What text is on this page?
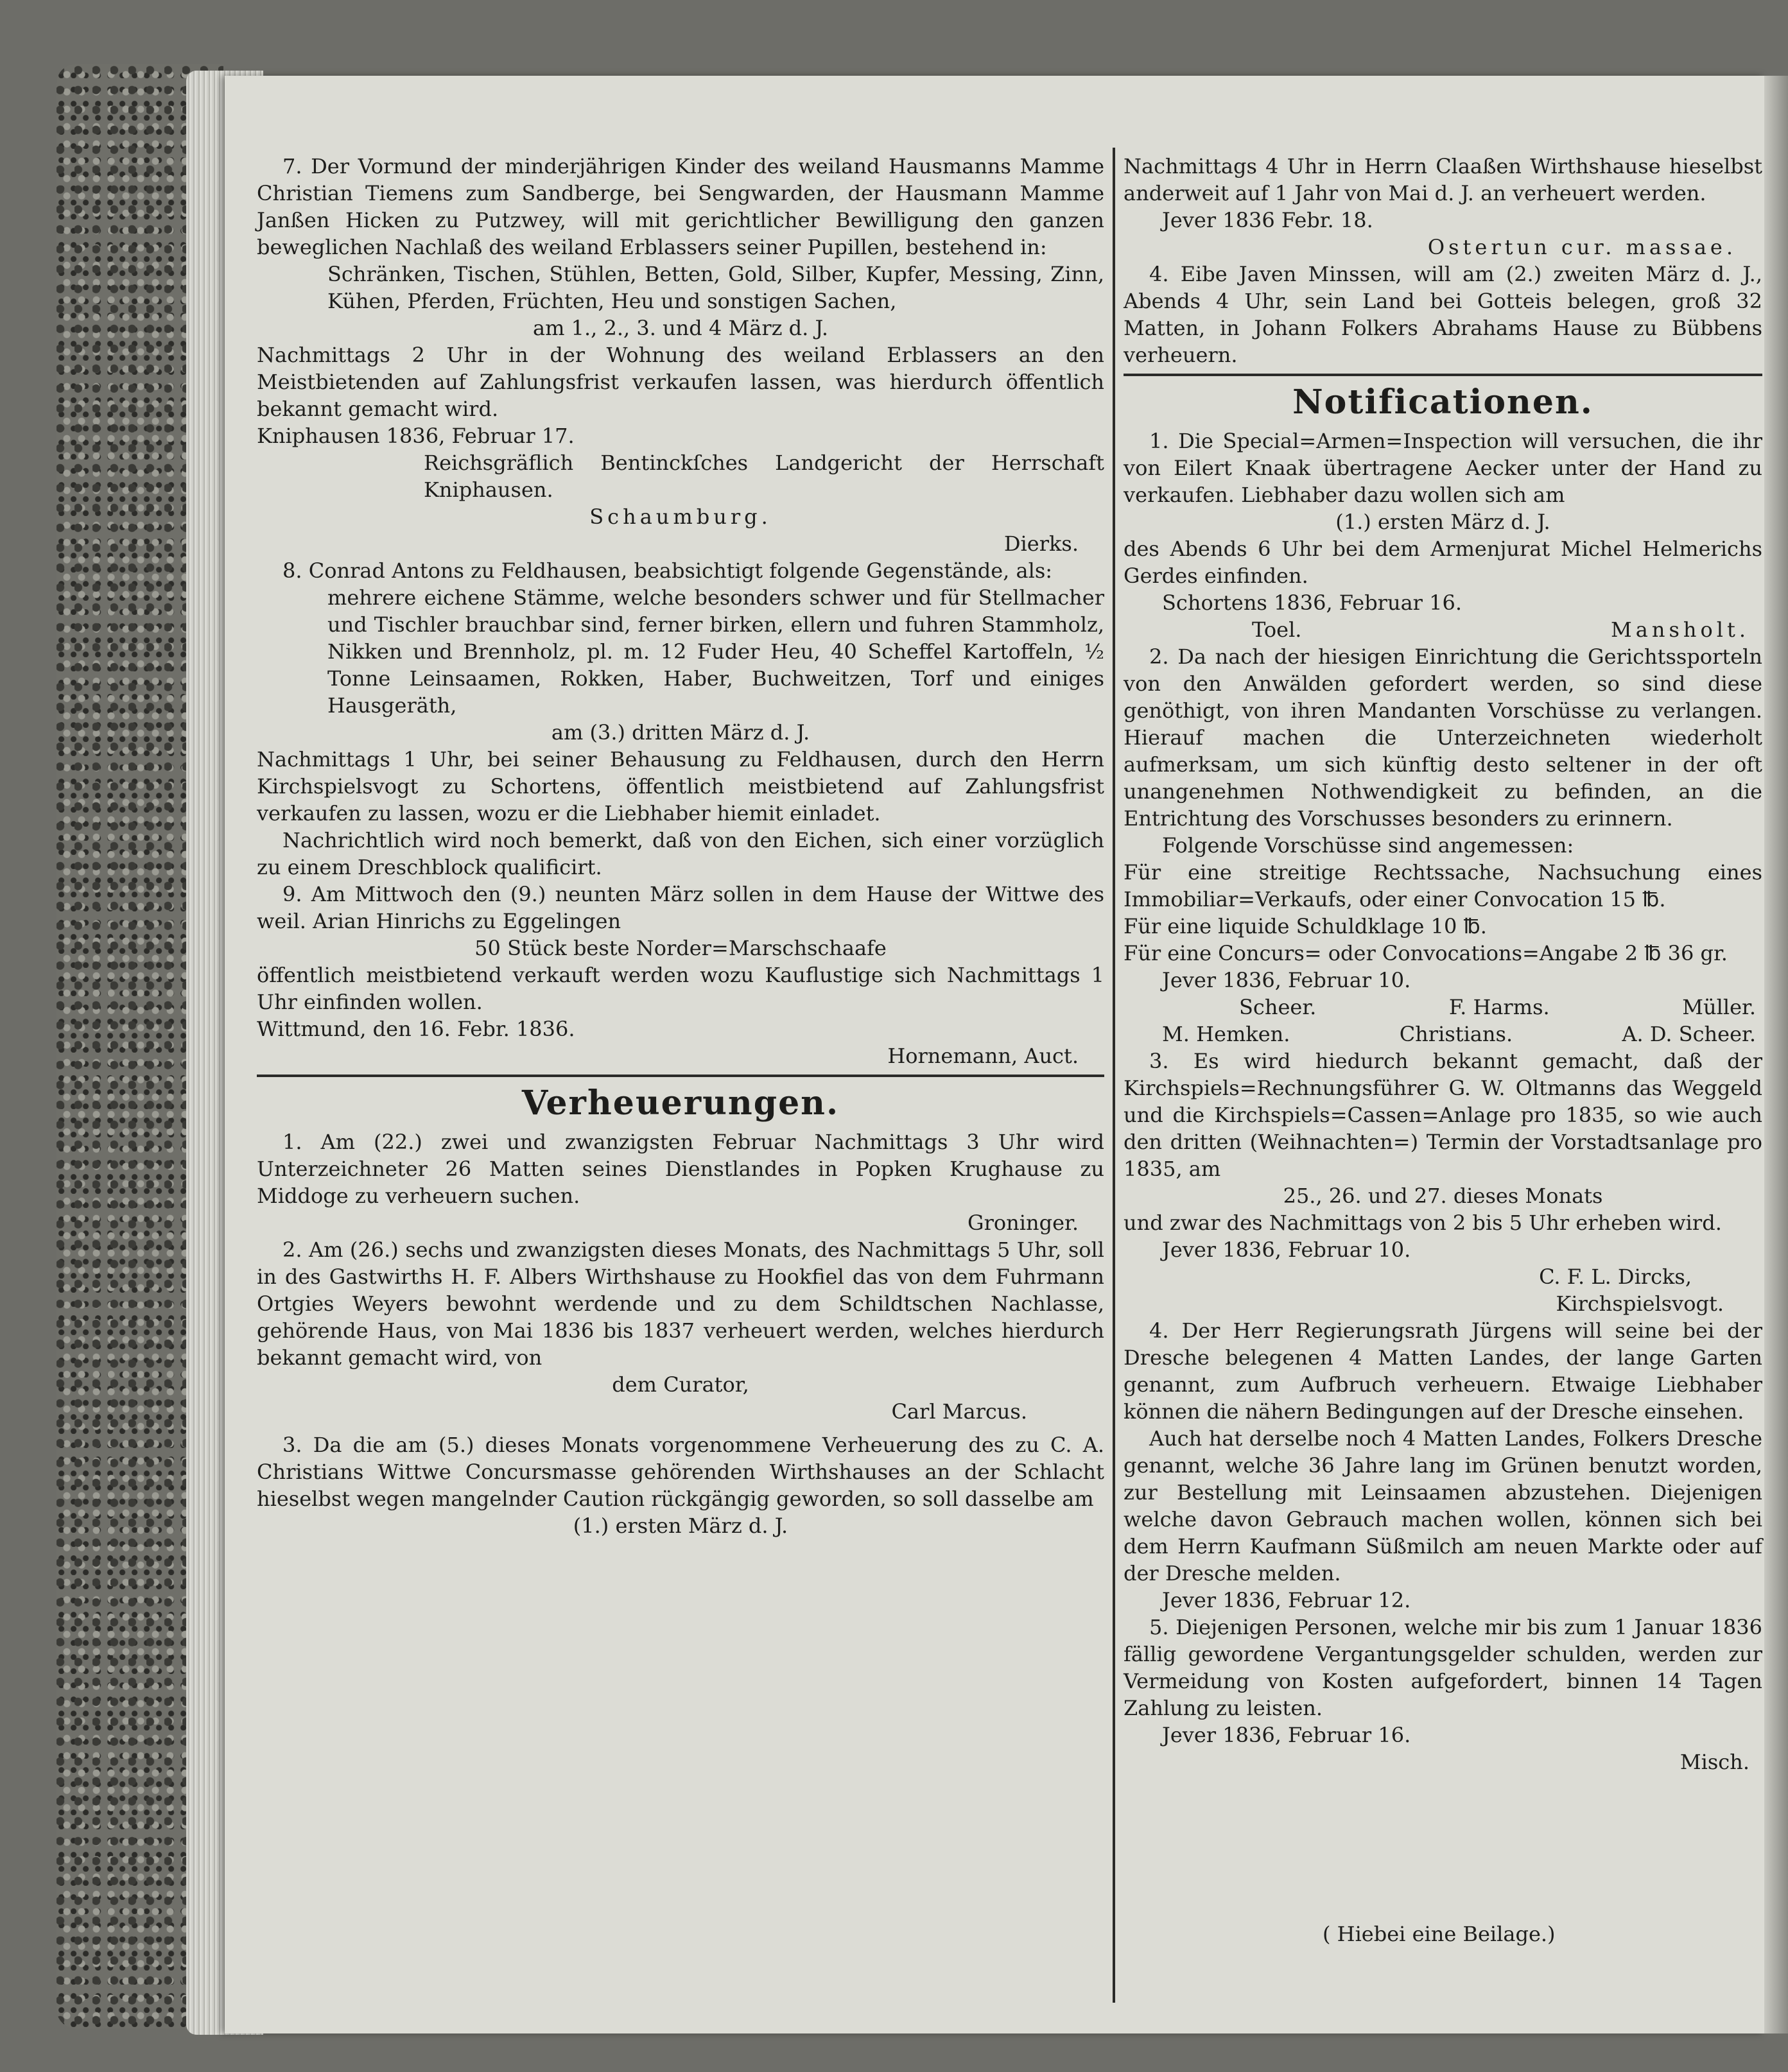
7. Der Vormund der minderjährigen Kinder des weiland Hausmanns Mamme Christian Tiemens zum Sandberge, bei Sengwarden, der Hausmann Mamme Janßen Hicken zu Putzwey, will mit gerichtlicher Bewilligung den ganzen beweglichen Nachlaß des weiland Erblassers seiner Pupillen, bestehend in:

Schränken, Tischen, Stühlen, Betten, Gold, Silber, Kupfer, Messing, Zinn, Kühen, Pferden, Früchten, Heu und sonstigen Sachen,

am 1., 2., 3. und 4 März d. J.

Nachmittags 2 Uhr in der Wohnung des weiland Erblassers an den Meistbietenden auf Zahlungsfrist verkaufen lassen, was hierdurch öffentlich bekannt gemacht wird.

Kniphausen 1836, Februar 17.

Reichsgräflich Bentinckſches Landgericht der Herrschaft Kniphausen.

Schaumburg.

Dierks.

8. Conrad Antons zu Feldhausen, beabsichtigt folgende Gegenstände, als:

mehrere eichene Stämme, welche besonders schwer und für Stellmacher und Tischler brauchbar sind, ferner birken, ellern und fuhren Stammholz, Nikken und Brennholz, pl. m. 12 Fuder Heu, 40 Scheffel Kartoffeln, ½ Tonne Leinsaamen, Rokken, Haber, Buchweitzen, Torf und einiges Hausgeräth,

am (3.) dritten März d. J.

Nachmittags 1 Uhr, bei seiner Behausung zu Feldhausen, durch den Herrn Kirchspielsvogt zu Schortens, öffentlich meistbietend auf Zahlungsfrist verkaufen zu lassen, wozu er die Liebhaber hiemit einladet.

Nachrichtlich wird noch bemerkt, daß von den Eichen, sich einer vorzüglich zu einem Dreschblock qualificirt.

9. Am Mittwoch den (9.) neunten März sollen in dem Hause der Wittwe des weil. Arian Hinrichs zu Eggelingen

50 Stück beste Norder=Marschschaafe

öffentlich meistbietend verkauft werden wozu Kauflustige sich Nachmittags 1 Uhr einfinden wollen.

Wittmund, den 16. Febr. 1836.

Hornemann, Auct.

Verheuerungen.

1. Am (22.) zwei und zwanzigsten Februar Nachmittags 3 Uhr wird Unterzeichneter 26 Matten seines Dienstlandes in Popken Krughause zu Middoge zu verheuern suchen.

Groninger.

2. Am (26.) sechs und zwanzigsten dieses Monats, des Nachmittags 5 Uhr, soll in des Gastwirths H. F. Albers Wirthshause zu Hookfiel das von dem Fuhrmann Ortgies Weyers bewohnt werdende und zu dem Schildtschen Nachlasse, gehörende Haus, von Mai 1836 bis 1837 verheuert werden, welches hierdurch bekannt gemacht wird, von

dem Curator,

Carl Marcus.

3. Da die am (5.) dieses Monats vorgenommene Verheuerung des zu C. A. Christians Wittwe Concursmasse gehörenden Wirthshauses an der Schlacht hieselbst wegen mangelnder Caution rückgängig geworden, so soll dasselbe am

(1.) ersten März d. J.

Nachmittags 4 Uhr in Herrn Claaßen Wirthshause hieselbst anderweit auf 1 Jahr von Mai d. J. an verheuert werden.

Jever 1836 Febr. 18.

Ostertun cur. massae.

4. Eibe Javen Minssen, will am (2.) zweiten März d. J., Abends 4 Uhr, sein Land bei Gotteis belegen, groß 32 Matten, in Johann Folkers Abrahams Hause zu Bübbens verheuern.

Notificationen.

1. Die Special=Armen=Inspection will versuchen, die ihr von Eilert Knaak übertragene Aecker unter der Hand zu verkaufen. Liebhaber dazu wollen sich am

(1.) ersten März d. J.

des Abends 6 Uhr bei dem Armenjurat Michel Helmerichs Gerdes einfinden.

Schortens 1836, Februar 16.

Toel.	Mansholt.

2. Da nach der hiesigen Einrichtung die Gerichtssporteln von den Anwälden gefordert werden, so sind diese genöthigt, von ihren Mandanten Vorschüsse zu verlangen. Hierauf machen die Unterzeichneten wiederholt aufmerksam, um sich künftig desto seltener in der oft unangenehmen Nothwendigkeit zu befinden, an die Entrichtung des Vorschusses besonders zu erinnern.

Folgende Vorschüsse sind angemessen:

Für eine streitige Rechtssache, Nachsuchung eines Immobiliar=Verkaufs, oder einer Convocation 15 ℔.

Für eine liquide Schuldklage 10 ℔.

Für eine Concurs= oder Convocations=Angabe 2 ℔ 36 gr.

Jever 1836, Februar 10.

Scheer.	F. Harms.	Müller.
M. Hemken.	Christians.	A. D. Scheer.

3. Es wird hiedurch bekannt gemacht, daß der Kirchspiels=Rechnungsführer G. W. Oltmanns das Weggeld und die Kirchspiels=Cassen=Anlage pro 1835, so wie auch den dritten (Weihnachten=) Termin der Vorstadtsanlage pro 1835, am

25., 26. und 27. dieses Monats

und zwar des Nachmittags von 2 bis 5 Uhr erheben wird.

Jever 1836, Februar 10.

C. F. L. Dircks,

Kirchspielsvogt.

4. Der Herr Regierungsrath Jürgens will seine bei der Dresche belegenen 4 Matten Landes, der lange Garten genannt, zum Aufbruch verheuern. Etwaige Liebhaber können die nähern Bedingungen auf der Dresche einsehen.

Auch hat derselbe noch 4 Matten Landes, Folkers Dresche genannt, welche 36 Jahre lang im Grünen benutzt worden, zur Bestellung mit Leinsaamen abzustehen. Diejenigen welche davon Gebrauch machen wollen, können sich bei dem Herrn Kaufmann Süßmilch am neuen Markte oder auf der Dresche melden.

Jever 1836, Februar 12.

5. Diejenigen Personen, welche mir bis zum 1 Januar 1836 fällig gewordene Vergantungsgelder schulden, werden zur Vermeidung von Kosten aufgefordert, binnen 14 Tagen Zahlung zu leisten.

Jever 1836, Februar 16.

Misch.

( Hiebei eine Beilage.)
